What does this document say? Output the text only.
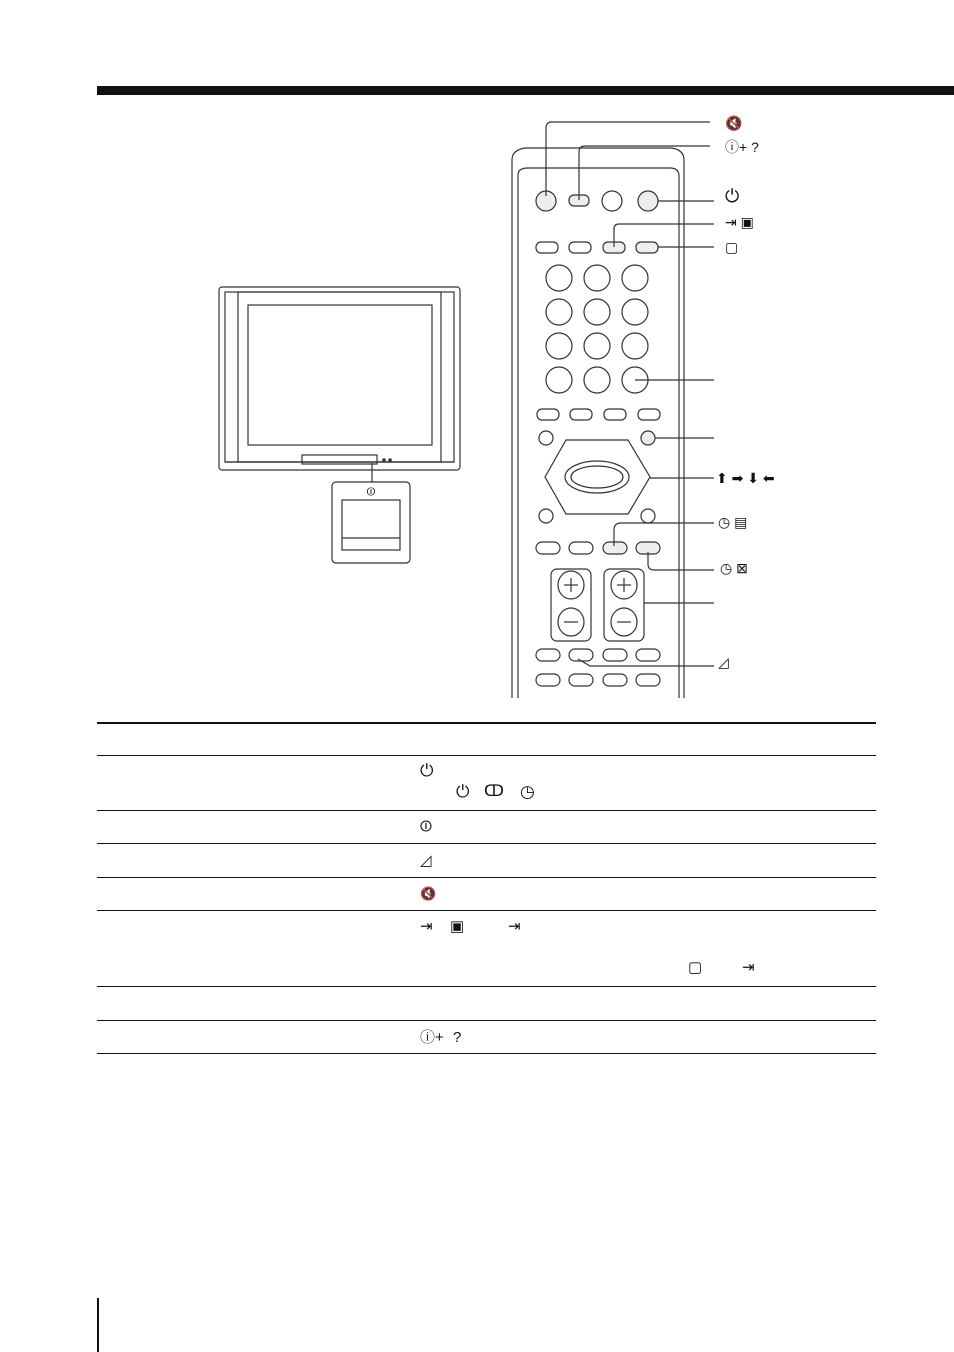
⏼
🔇
ⓘ+ ?
⏻
⇥ ▣
▢
⬆ ➡ ⬇ ⬅
◷ ▤
◷ ⊠
◿
⏻
⏻ ↀ ◷
⏼
◿
🔇
⇥ ▣	⇥
▢	⇥
ⓘ+ ?
